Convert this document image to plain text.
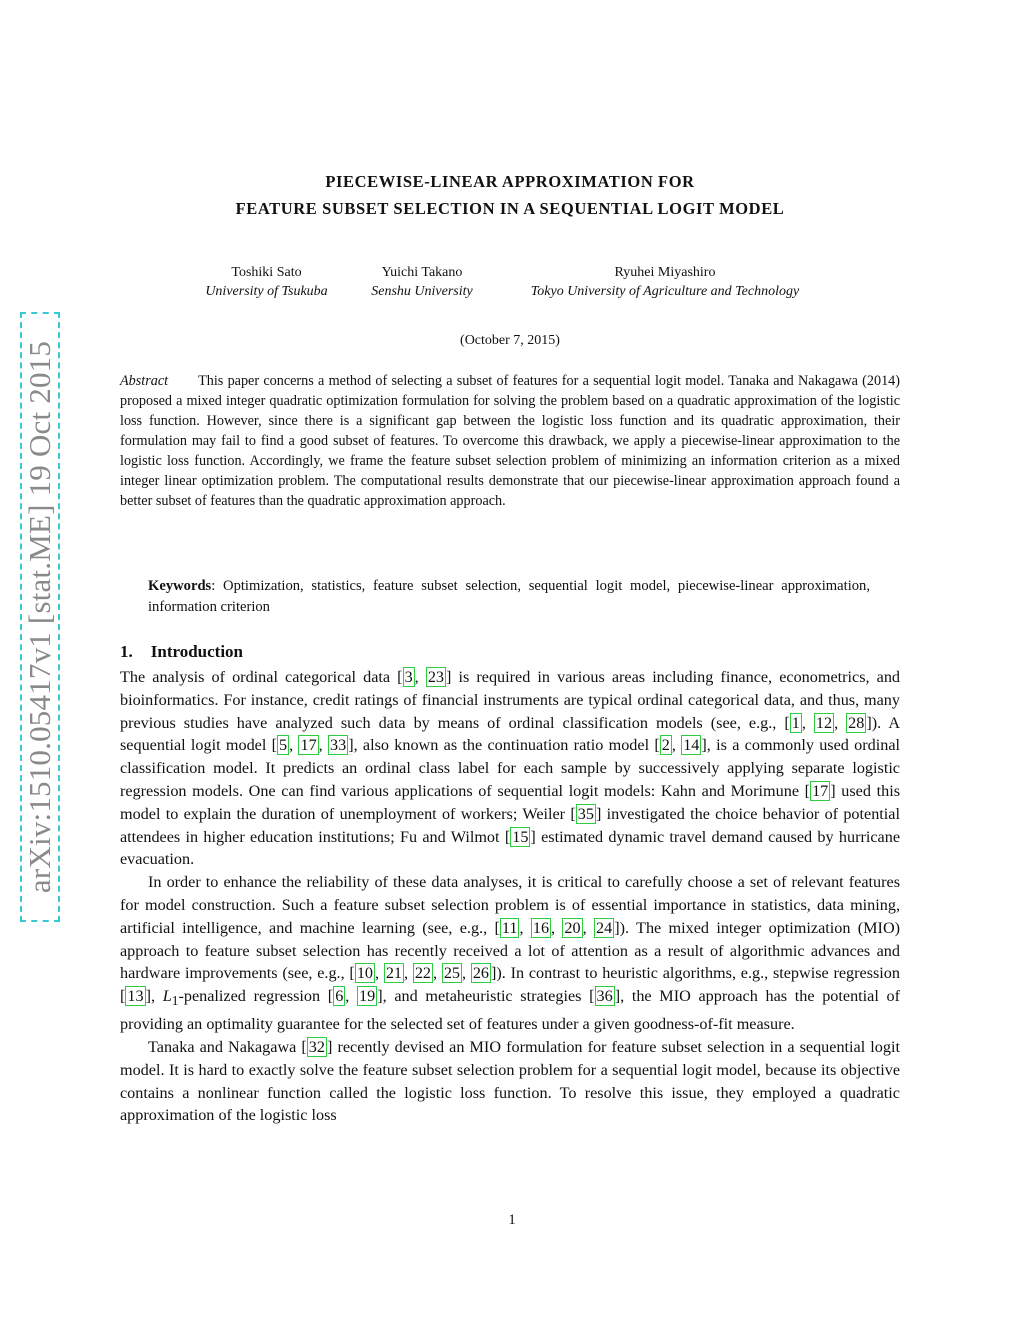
arXiv:1510.05417v1 [stat.ME] 19 Oct 2015
PIECEWISE-LINEAR APPROXIMATION FOR
FEATURE SUBSET SELECTION IN A SEQUENTIAL LOGIT MODEL
Toshiki Sato
University of Tsukuba
Yuichi Takano
Senshu University
Ryuhei Miyashiro
Tokyo University of Agriculture and Technology
(October 7, 2015)
Abstract This paper concerns a method of selecting a subset of features for a sequential logit model. Tanaka and Nakagawa (2014) proposed a mixed integer quadratic optimization formulation for solving the problem based on a quadratic approximation of the logistic loss function. However, since there is a significant gap between the logistic loss function and its quadratic approximation, their formulation may fail to find a good subset of features. To overcome this drawback, we apply a piecewise-linear approximation to the logistic loss function. Accordingly, we frame the feature subset selection problem of minimizing an information criterion as a mixed integer linear optimization problem. The computational results demonstrate that our piecewise-linear approximation approach found a better subset of features than the quadratic approximation approach.
Keywords: Optimization, statistics, feature subset selection, sequential logit model, piecewise-linear approximation, information criterion
1. Introduction

The analysis of ordinal categorical data [ 3 , 23 ] is required in various areas including finance, econometrics, and bioinformatics. For instance, credit ratings of financial instruments are typical ordinal categorical data, and thus, many previous studies have analyzed such data by means of ordinal classification models (see, e.g., [ 1 , 12 , 28 ]). A sequential logit model [ 5 , 17 , 33 ], also known as the continuation ratio model [ 2 , 14 ], is a commonly used ordinal classification model. It predicts an ordinal class label for each sample by successively applying separate logistic regression models. One can find various applications of sequential logit models: Kahn and Morimune [ 17 ] used this model to explain the duration of unemployment of workers; Weiler [ 35 ] investigated the choice behavior of potential attendees in higher education institutions; Fu and Wilmot [ 15 ] estimated dynamic travel demand caused by hurricane evacuation.

In order to enhance the reliability of these data analyses, it is critical to carefully choose a set of relevant features for model construction. Such a feature subset selection problem is of essential importance in statistics, data mining, artificial intelligence, and machine learning (see, e.g., [ 11 , 16 , 20 , 24 ]). The mixed integer optimization (MIO) approach to feature subset selection has recently received a lot of attention as a result of algorithmic advances and hardware improvements (see, e.g., [ 10 , 21 , 22 , 25 , 26 ]). In contrast to heuristic algorithms, e.g., stepwise regression [ 13 ], $L_1$-penalized regression [ 6 , 19 ], and metaheuristic strategies [ 36 ], the MIO approach has the potential of providing an optimality guarantee for the selected set of features under a given goodness-of-fit measure.

Tanaka and Nakagawa [ 32 ] recently devised an MIO formulation for feature subset selection in a sequential logit model. It is hard to exactly solve the feature subset selection problem for a sequential logit model, because its objective contains a nonlinear function called the logistic loss function. To resolve this issue, they employed a quadratic approximation of the logistic loss

1
